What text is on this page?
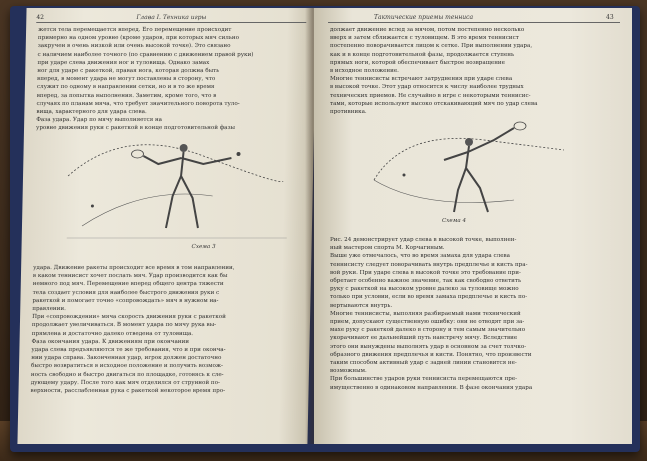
42	Глава I. Техника игры

жется тела перемещается вперед. Его перемещение происходит

примерно на одном уровне (кроме ударов, при которых мяч сильно

закручен в очень низкой или очень высокой точке). Это связано

с наличием наиболее точного (по сравнению с движением правой руки)

при ударе слева движения ног и туловища. Однако замах

ног для ударе с ракеткой, правая нога, которая должна быть

вперед, в момент удара не могут поставлены в сторону, что

служит по одному в направлении сетки, но и в то же время

вперед, за попытка выполнения. Заметим, кроме того, что в

случаях по планам мяча, что требует значительного поворота туло-

вища, характерного для удара слева.

Фаза удара. Удар по мячу выполняется на

уровне движения руки с ракеткой в конце подготовительной фазы

Схема 3

удара. Движение ракеты происходит все время в том направлении,

в каком теннисист хочет послать мяч. Удар производится как бы

немного под мяч. Перемещение вперед общего центра тяжести

тела создает условия для наиболее быстрого движения руки с

ракеткой и помогает точно «сопровождать» мяч в нужном на-

правлении.

При «сопровождении» мяча скорость движения руки с ракеткой

продолжает увеличиваться. В момент удара по мячу рука вы-

прямлена и достаточно далеко отведена от туловища.

Фаза окончания удара. К движениям при окончании

удара слева предъявляются те же требования, что и при оконча-

нии удара справа. Законченная удар, игрок должен достаточно

быстро возвратиться в исходное положение и получить возмож-

ность свободно и быстро двигаться по площадке, готовясь к сле-

дующему удару. После того как мяч отделился от струнной по-

верхности, расслабленная рука с ракеткой некоторое время про-

Тактические приемы тенниса	43

должает движение вслед за мячом, потом постепенно несколько

вверх и затем сближается с туловищем. В это время теннисист

постепенно поворачивается лицом к сетке. При выполнении удара,

как и в конце подготовительной фазы, продолжается ступень

прямых ноги, которой обеспечивает быстрое возвращение

в исходное положение.

Многие теннисисты встречают затруднения при ударе слева

в высокой точке. Этот удар относится к числу наиболее трудных

технических приемов. Не случайно в игре с некоторыми теннисис-

тами, которые используют высоко отскакивающий мяч по удар слева

противника.

Схема 4

Рис. 24 демонстрирует удар слева в высокой точке, выполнен-

ный мастером спорта М. Корчагиным.

Выше уже отмечалось, что во время замаха для удара слева

теннисисту следует поворачивать внутрь предплечье и кисть пра-

вой руки. При ударе слева в высокой точке это требование при-

обретает особенно важное значение, так как свободно ответить

руку с ракеткой на высоком уровне далеко за туловище можно

только при условии, если во время замаха предплечье и кисть по-

вертываются внутрь.

Многие теннисисты, выполняя разбираемый нами технический

прием, допускают существенную ошибку: они не отводят при за-

махе руку с ракеткой далеко в сторону и тем самым значительно

укорачивают ее дальнейший путь навстречу мячу. Вследствие

этого они вынуждены выполнять удар в основном за счет толчко-

образного движения предплечья и кисти. Понятно, что произвести

таким способом активный удар с задней линии становится не-

возможным.

При большинстве ударов руки теннисиста перемещаются пре-

имущественно в одинаковом направлении. В фазе окончания удара
